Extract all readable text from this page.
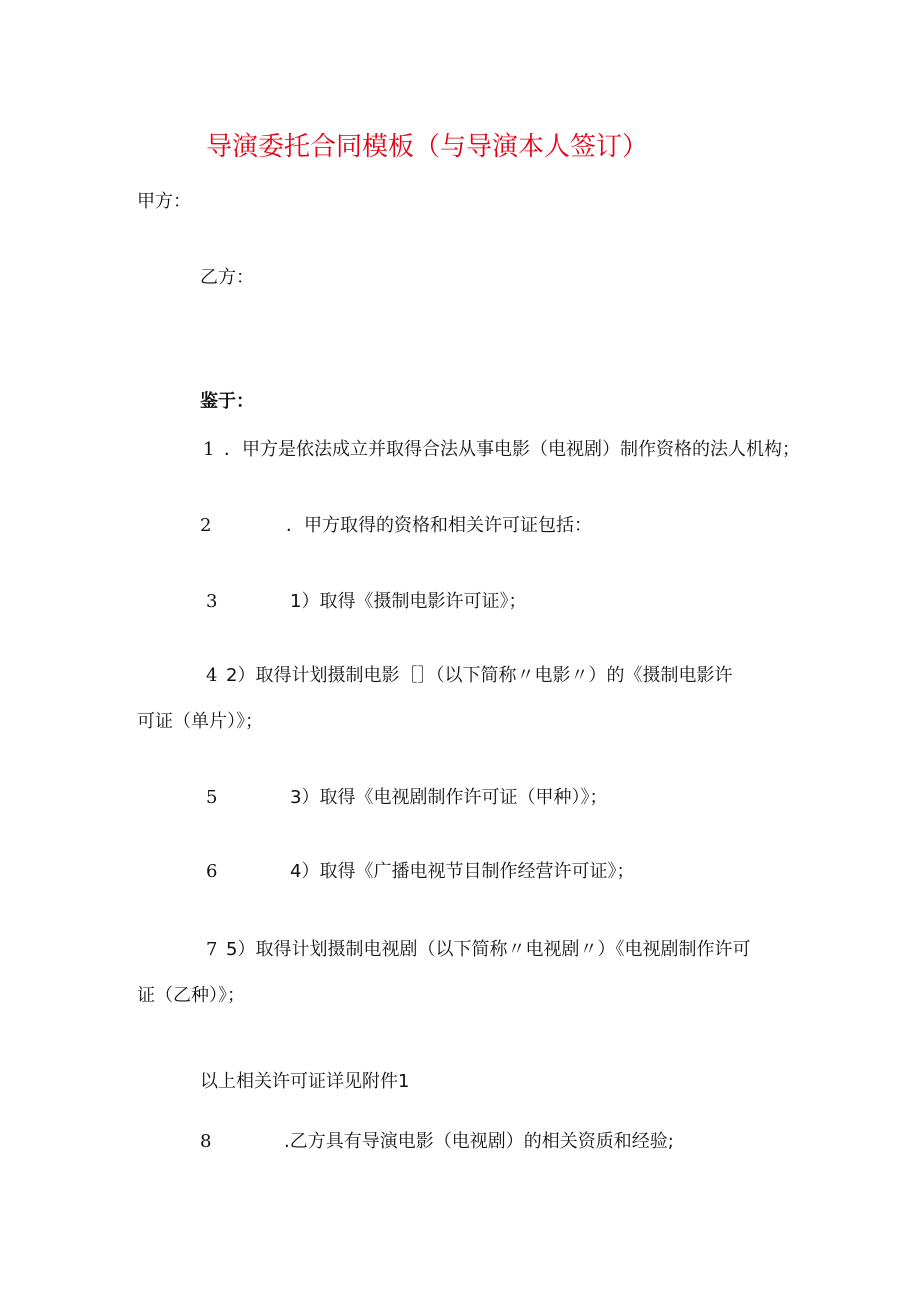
导演委托合同模板（与导演本人签订）
甲方：
乙方：
鉴于：
1 ．甲方是依法成立并取得合法从事电影（电视剧）制作资格的法人机构；
2	．甲方取得的资格和相关许可证包括：
3	1）取得《摄制电影许可证》；
4 2）取得计划摄制电影［］（以下简称〃电影〃）的《摄制电影许
可证（单片）》；
5	3）取得《电视剧制作许可证（甲种）》；
6	4）取得《广播电视节目制作经营许可证》；
7 5）取得计划摄制电视剧（以下简称〃电视剧〃）《电视剧制作许可
证（乙种）》；
以上相关许可证详见附件1
8	.乙方具有导演电影（电视剧）的相关资质和经验;
